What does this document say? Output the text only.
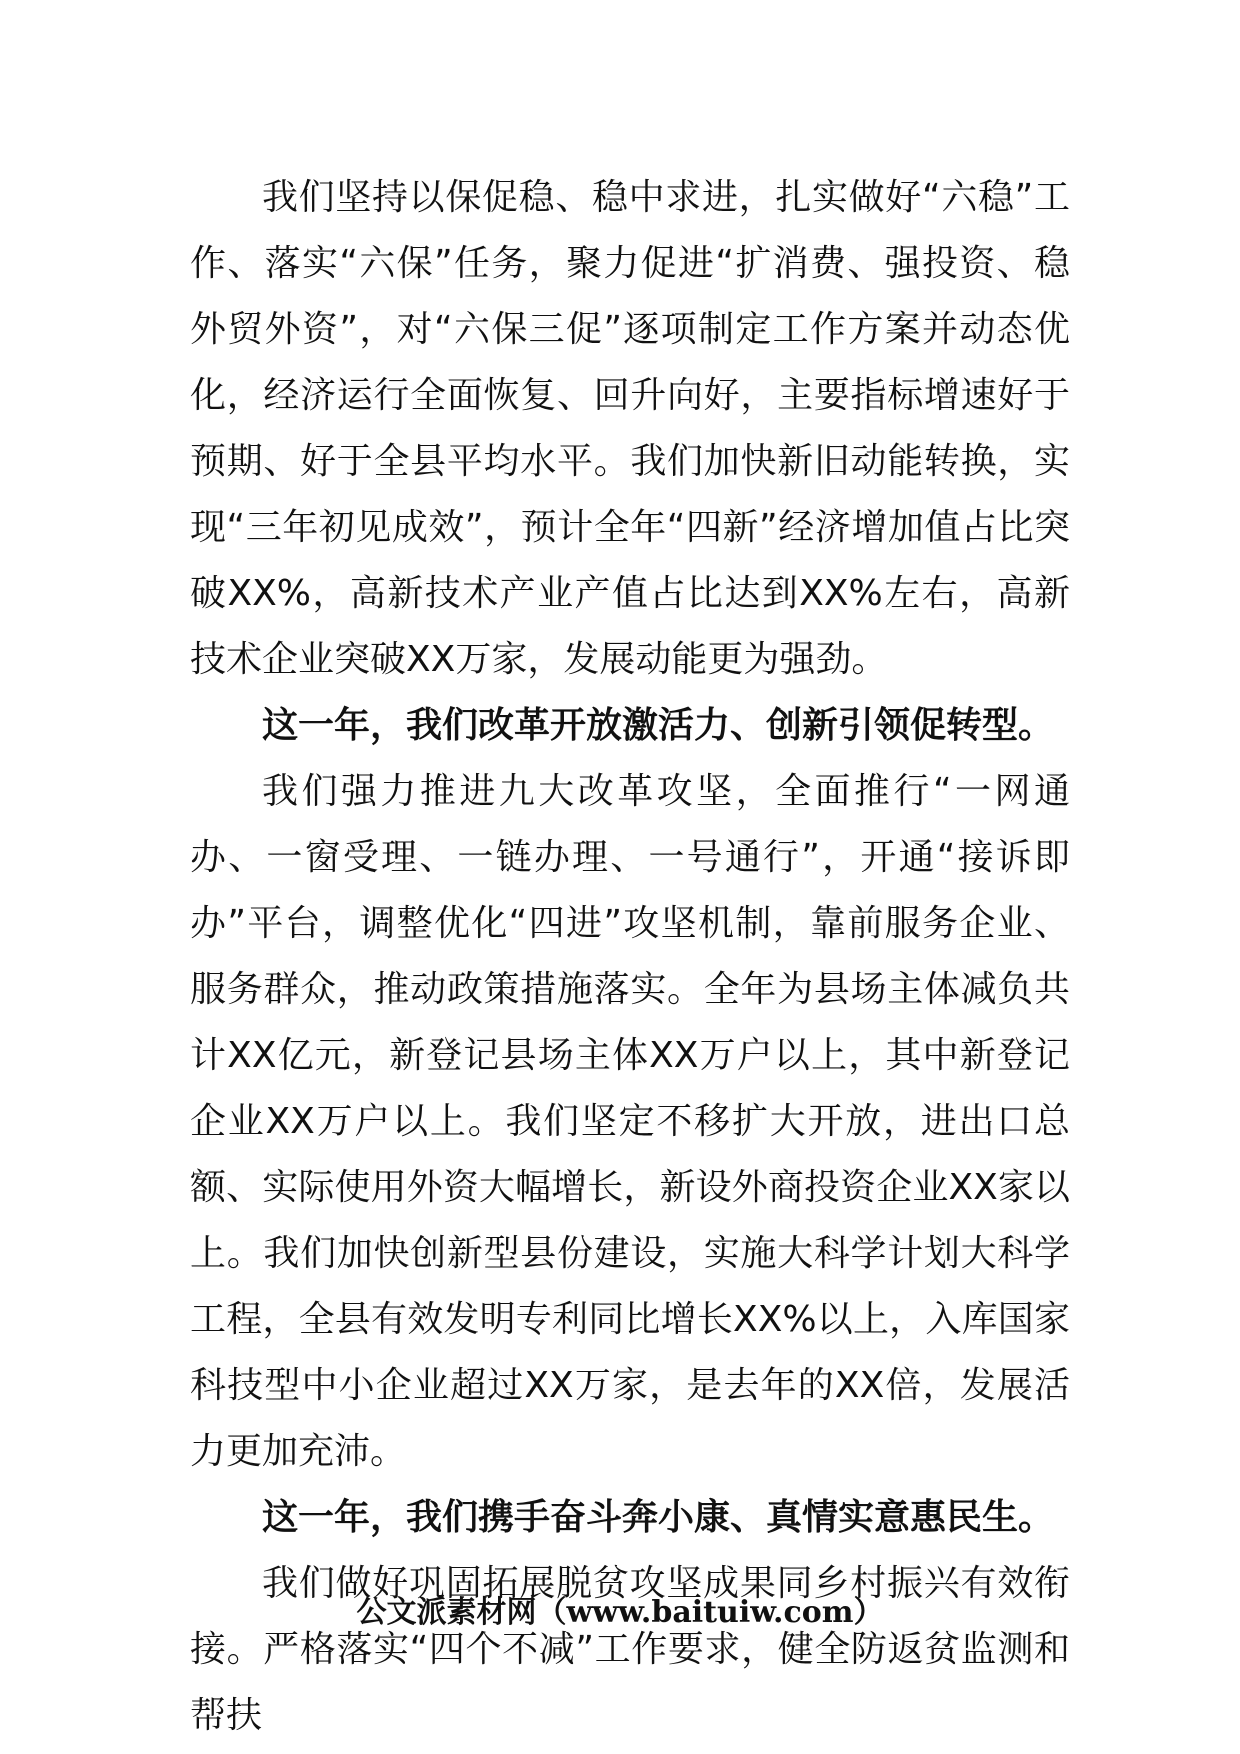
我们坚持以保促稳、稳中求进，扎实做好“六稳”工作、落实“六保”任务，聚力促进“扩消费、强投资、稳外贸外资”，对“六保三促”逐项制定工作方案并动态优化，经济运行全面恢复、回升向好，主要指标增速好于预期、好于全县平均水平。我们加快新旧动能转换，实现“三年初见成效”，预计全年“四新”经济增加值占比突破XX%，高新技术产业产值占比达到XX%左右，高新技术企业突破XX万家，发展动能更为强劲。

这一年，我们改革开放激活力、创新引领促转型。

我们强力推进九大改革攻坚，全面推行“一网通办、一窗受理、一链办理、一号通行”，开通“接诉即办”平台，调整优化“四进”攻坚机制，靠前服务企业、服务群众，推动政策措施落实。全年为县场主体减负共计XX亿元，新登记县场主体XX万户以上，其中新登记企业XX万户以上。我们坚定不移扩大开放，进出口总额、实际使用外资大幅增长，新设外商投资企业XX家以上。我们加快创新型县份建设，实施大科学计划大科学工程，全县有效发明专利同比增长XX%以上，入库国家科技型中小企业超过XX万家，是去年的XX倍，发展活力更加充沛。

这一年，我们携手奋斗奔小康、真情实意惠民生。

我们做好巩固拓展脱贫攻坚成果同乡村振兴有效衔接。严格落实“四个不减”工作要求，健全防返贫监测和帮扶

公文派素材网（www.baituiw.com）
